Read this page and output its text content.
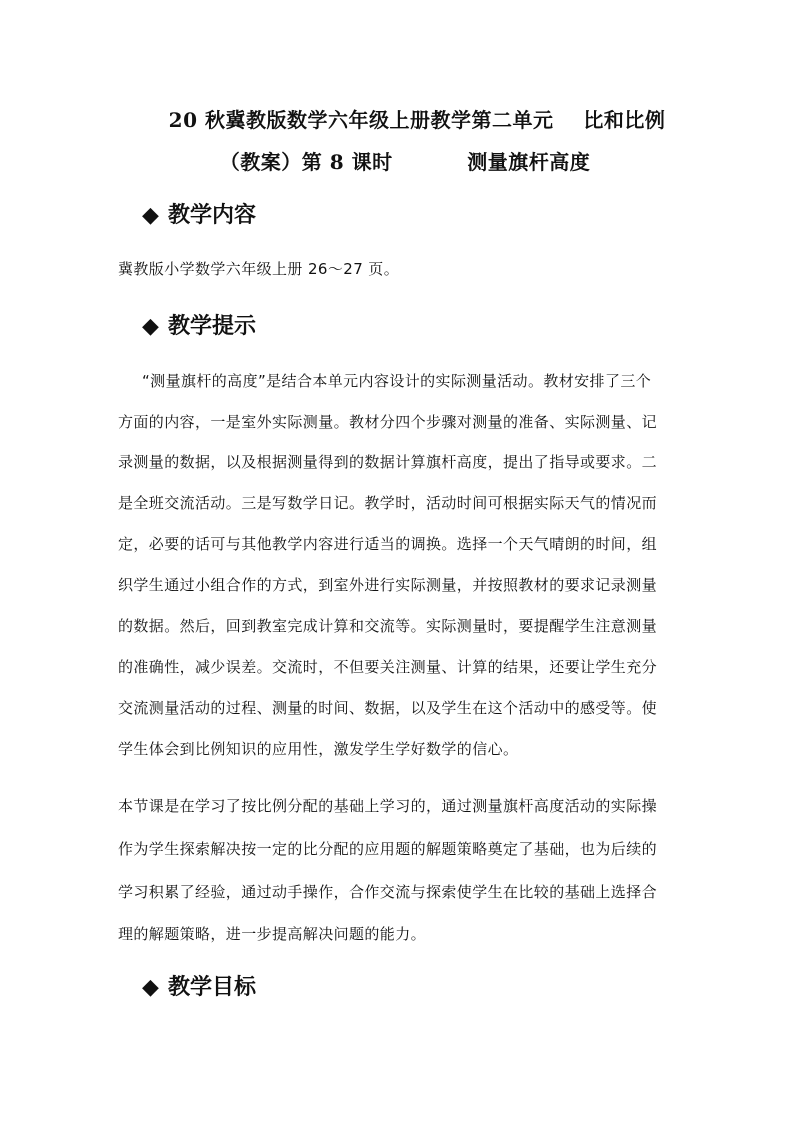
20 秋冀教版数学六年级上册教学第二单元    比和比例
（教案）第 8 课时          测量旗杆高度
◆ 教学内容
冀教版小学数学六年级上册 26～27 页。
◆ 教学提示
“测量旗杆的高度”是结合本单元内容设计的实际测量活动。教材安排了三个
方面的内容，一是室外实际测量。教材分四个步骤对测量的准备、实际测量、记
录测量的数据，以及根据测量得到的数据计算旗杆高度，提出了指导或要求。二
是全班交流活动。三是写数学日记。教学时，活动时间可根据实际天气的情况而
定，必要的话可与其他教学内容进行适当的调换。选择一个天气晴朗的时间，组
织学生通过小组合作的方式，到室外进行实际测量，并按照教材的要求记录测量
的数据。然后，回到教室完成计算和交流等。实际测量时，要提醒学生注意测量
的准确性，减少误差。交流时，不但要关注测量、计算的结果，还要让学生充分
交流测量活动的过程、测量的时间、数据，以及学生在这个活动中的感受等。使
学生体会到比例知识的应用性，激发学生学好数学的信心。
本节课是在学习了按比例分配的基础上学习的，通过测量旗杆高度活动的实际操
作为学生探索解决按一定的比分配的应用题的解题策略奠定了基础，也为后续的
学习积累了经验，通过动手操作，合作交流与探索使学生在比较的基础上选择合
理的解题策略，进一步提高解决问题的能力。
◆ 教学目标
